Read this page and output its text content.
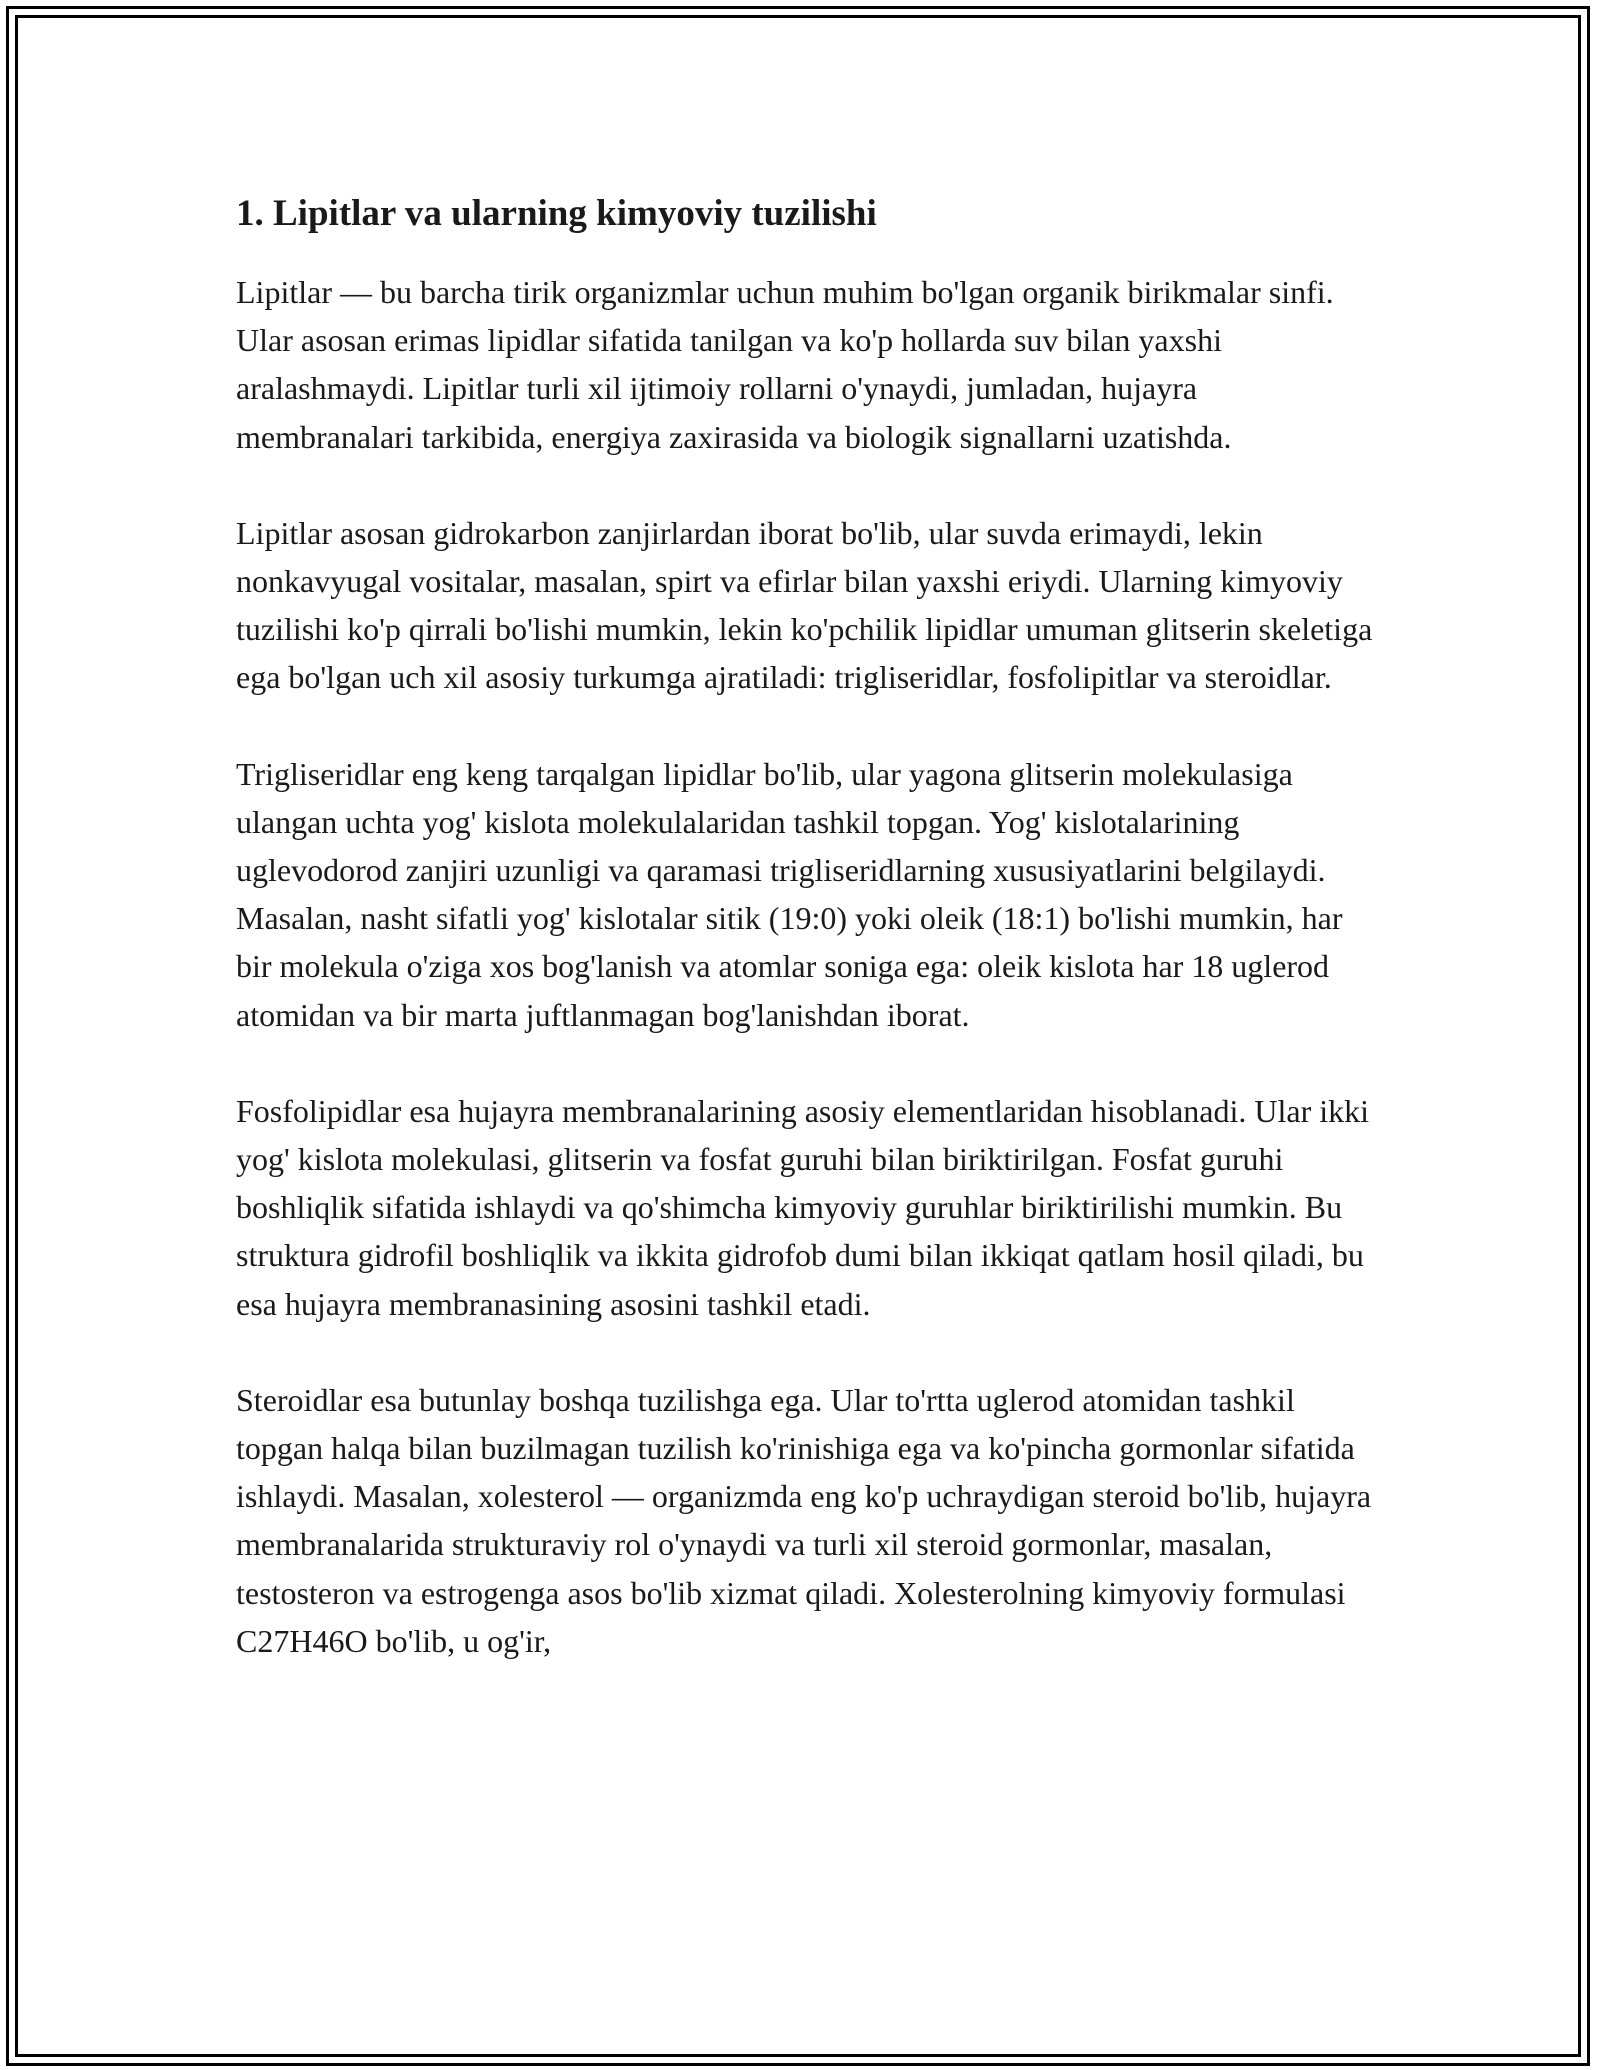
1. Lipitlar va ularning kimyoviy tuzilishi

Lipitlar — bu barcha tirik organizmlar uchun muhim bo'lgan organik birikmalar sinfi. Ular asosan erimas lipidlar sifatida tanilgan va ko'p hollarda suv bilan yaxshi aralashmaydi. Lipitlar turli xil ijtimoiy rollarni o'ynaydi, jumladan, hujayra membranalari tarkibida, energiya zaxirasida va biologik signallarni uzatishda.

Lipitlar asosan gidrokarbon zanjirlardan iborat bo'lib, ular suvda erimaydi, lekin nonkavyugal vositalar, masalan, spirt va efirlar bilan yaxshi eriydi. Ularning kimyoviy tuzilishi ko'p qirrali bo'lishi mumkin, lekin ko'pchilik lipidlar umuman glitserin skeletiga ega bo'lgan uch xil asosiy turkumga ajratiladi: trigliseridlar, fosfolipitlar va steroidlar.

Trigliseridlar eng keng tarqalgan lipidlar bo'lib, ular yagona glitserin molekulasiga ulangan uchta yog' kislota molekulalaridan tashkil topgan. Yog' kislotalarining uglevodorod zanjiri uzunligi va qaramasi trigliseridlarning xususiyatlarini belgilaydi. Masalan, nasht sifatli yog' kislotalar sitik (19:0) yoki oleik (18:1) bo'lishi mumkin, har bir molekula o'ziga xos bog'lanish va atomlar soniga ega: oleik kislota har 18 uglerod atomidan va bir marta juftlanmagan bog'lanishdan iborat.

Fosfolipidlar esa hujayra membranalarining asosiy elementlaridan hisoblanadi. Ular ikki yog' kislota molekulasi, glitserin va fosfat guruhi bilan biriktirilgan. Fosfat guruhi boshliqlik sifatida ishlaydi va qo'shimcha kimyoviy guruhlar biriktirilishi mumkin. Bu struktura gidrofil boshliqlik va ikkita gidrofob dumi bilan ikkiqat qatlam hosil qiladi, bu esa hujayra membranasining asosini tashkil etadi.

Steroidlar esa butunlay boshqa tuzilishga ega. Ular to'rtta uglerod atomidan tashkil topgan halqa bilan buzilmagan tuzilish ko'rinishiga ega va ko'pincha gormonlar sifatida ishlaydi. Masalan, xolesterol — organizmda eng ko'p uchraydigan steroid bo'lib, hujayra membranalarida strukturaviy rol o'ynaydi va turli xil steroid gormonlar, masalan, testosteron va estrogenga asos bo'lib xizmat qiladi. Xolesterolning kimyoviy formulasi C27H46O bo'lib, u og'ir,
